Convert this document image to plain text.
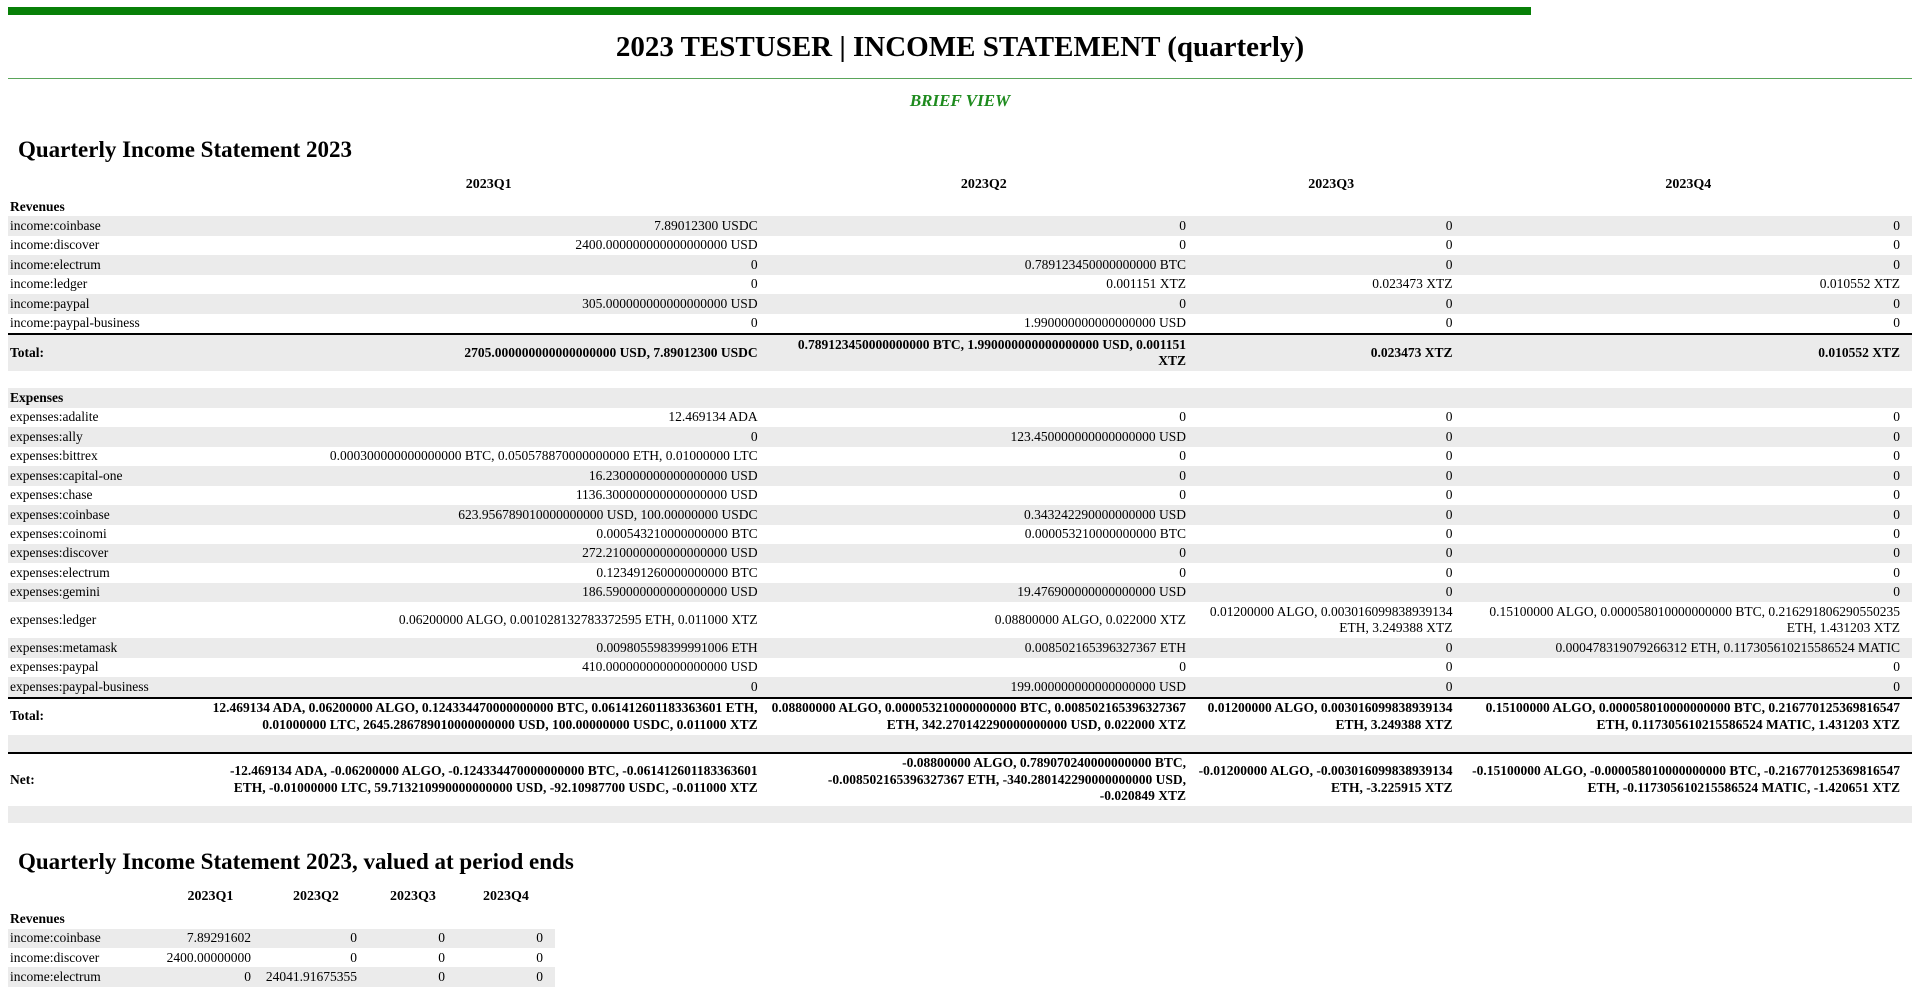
2023 TESTUSER | INCOME STATEMENT (quarterly)
BRIEF VIEW
Quarterly Income Statement 2023
	2023Q1	2023Q2	2023Q3	2023Q4
Revenues				
income:coinbase	7.89012300 USDC	0	0	0
income:discover	2400.000000000000000000 USD	0	0	0
income:electrum	0	0.789123450000000000 BTC	0	0
income:ledger	0	0.001151 XTZ	0.023473 XTZ	0.010552 XTZ
income:paypal	305.000000000000000000 USD	0	0	0
income:paypal-business	0	1.990000000000000000 USD	0	0
Total:	2705.000000000000000000 USD, 7.89012300 USDC	0.789123450000000000 BTC, 1.990000000000000000 USD, 0.001151 XTZ	0.023473 XTZ	0.010552 XTZ

Expenses				
expenses:adalite	12.469134 ADA	0	0	0
expenses:ally	0	123.450000000000000000 USD	0	0
expenses:bittrex	0.000300000000000000 BTC, 0.050578870000000000 ETH, 0.01000000 LTC	0	0	0
expenses:capital-one	16.230000000000000000 USD	0	0	0
expenses:chase	1136.300000000000000000 USD	0	0	0
expenses:coinbase	623.956789010000000000 USD, 100.00000000 USDC	0.343242290000000000 USD	0	0
expenses:coinomi	0.000543210000000000 BTC	0.000053210000000000 BTC	0	0
expenses:discover	272.210000000000000000 USD	0	0	0
expenses:electrum	0.123491260000000000 BTC	0	0	0
expenses:gemini	186.590000000000000000 USD	19.476900000000000000 USD	0	0
expenses:ledger	0.06200000 ALGO, 0.001028132783372595 ETH, 0.011000 XTZ	0.08800000 ALGO, 0.022000 XTZ	0.01200000 ALGO, 0.003016099838939134 ETH, 3.249388 XTZ	0.15100000 ALGO, 0.000058010000000000 BTC, 0.216291806290550235 ETH, 1.431203 XTZ
expenses:metamask	0.009805598399991006 ETH	0.008502165396327367 ETH	0	0.000478319079266312 ETH, 0.117305610215586524 MATIC
expenses:paypal	410.000000000000000000 USD	0	0	0
expenses:paypal-business	0	199.000000000000000000 USD	0	0
Total:	12.469134 ADA, 0.06200000 ALGO, 0.124334470000000000 BTC, 0.061412601183363601 ETH, 0.01000000 LTC, 2645.286789010000000000 USD, 100.00000000 USDC, 0.011000 XTZ	0.08800000 ALGO, 0.000053210000000000 BTC, 0.008502165396327367 ETH, 342.270142290000000000 USD, 0.022000 XTZ	0.01200000 ALGO, 0.003016099838939134 ETH, 3.249388 XTZ	0.15100000 ALGO, 0.000058010000000000 BTC, 0.216770125369816547 ETH, 0.117305610215586524 MATIC, 1.431203 XTZ

Net:	-12.469134 ADA, -0.06200000 ALGO, -0.124334470000000000 BTC, -0.061412601183363601 ETH, -0.01000000 LTC, 59.713210990000000000 USD, -92.10987700 USDC, -0.011000 XTZ	-0.08800000 ALGO, 0.789070240000000000 BTC, -0.008502165396327367 ETH, -340.280142290000000000 USD, -0.020849 XTZ	-0.01200000 ALGO, -0.003016099838939134 ETH, -3.225915 XTZ	-0.15100000 ALGO, -0.000058010000000000 BTC, -0.216770125369816547 ETH, -0.117305610215586524 MATIC, -1.420651 XTZ

Quarterly Income Statement 2023, valued at period ends
	2023Q1	2023Q2	2023Q3	2023Q4
Revenues				
income:coinbase	7.89291602	0	0	0
income:discover	2400.00000000	0	0	0
income:electrum	0	24041.91675355	0	0
